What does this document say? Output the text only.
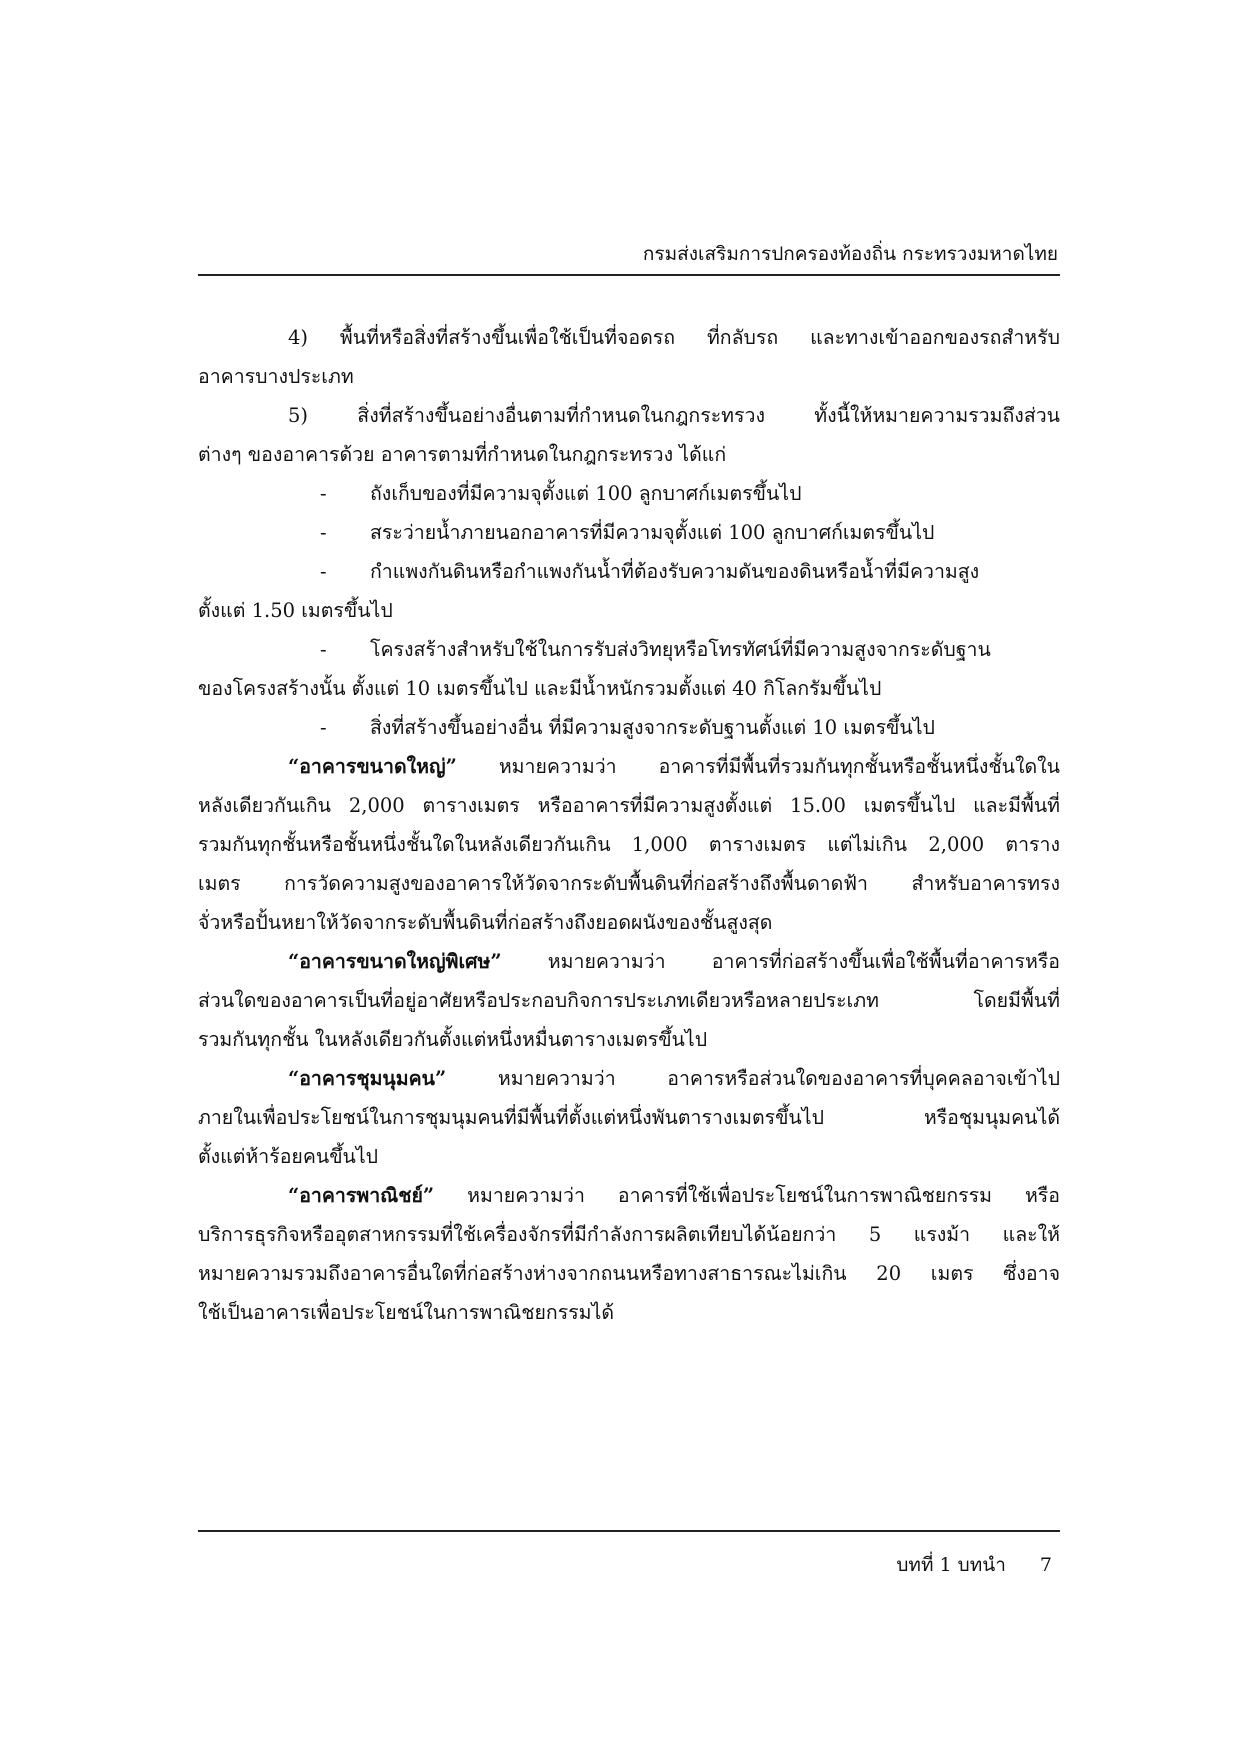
กรมส่งเสริมการปกครองท้องถิ่น กระทรวงมหาดไทย
4) พื้นที่หรือสิ่งที่สร้างขึ้นเพื่อใช้เป็นที่จอดรถ ที่กลับรถ และทางเข้าออกของรถสำหรับ
อาคารบางประเภท
5) สิ่งที่สร้างขึ้นอย่างอื่นตามที่กำหนดในกฎกระทรวง ทั้งนี้ให้หมายความรวมถึงส่วน
ต่างๆ ของอาคารด้วย อาคารตามที่กำหนดในกฎกระทรวง ได้แก่
-	ถังเก็บของที่มีความจุตั้งแต่ 100 ลูกบาศก์เมตรขึ้นไป
-	สระว่ายน้ำภายนอกอาคารที่มีความจุตั้งแต่ 100 ลูกบาศก์เมตรขึ้นไป
-	กำแพงกันดินหรือกำแพงกันน้ำที่ต้องรับความดันของดินหรือน้ำที่มีความสูง
ตั้งแต่ 1.50 เมตรขึ้นไป
-	โครงสร้างสำหรับใช้ในการรับส่งวิทยุหรือโทรทัศน์ที่มีความสูงจากระดับฐาน
ของโครงสร้างนั้น ตั้งแต่ 10 เมตรขึ้นไป และมีน้ำหนักรวมตั้งแต่ 40 กิโลกรัมขึ้นไป
-	สิ่งที่สร้างขึ้นอย่างอื่น ที่มีความสูงจากระดับฐานตั้งแต่ 10 เมตรขึ้นไป
“อาคารขนาดใหญ่” หมายความว่า อาคารที่มีพื้นที่รวมกันทุกชั้นหรือชั้นหนึ่งชั้นใดใน
หลังเดียวกันเกิน 2,000 ตารางเมตร หรืออาคารที่มีความสูงตั้งแต่ 15.00 เมตรขึ้นไป และมีพื้นที่
รวมกันทุกชั้นหรือชั้นหนึ่งชั้นใดในหลังเดียวกันเกิน 1,000 ตารางเมตร แต่ไม่เกิน 2,000 ตาราง
เมตร การวัดความสูงของอาคารให้วัดจากระดับพื้นดินที่ก่อสร้างถึงพื้นดาดฟ้า สำหรับอาคารทรง
จั่วหรือปั้นหยาให้วัดจากระดับพื้นดินที่ก่อสร้างถึงยอดผนังของชั้นสูงสุด
“อาคารขนาดใหญ่พิเศษ” หมายความว่า อาคารที่ก่อสร้างขึ้นเพื่อใช้พื้นที่อาคารหรือ
ส่วนใดของอาคารเป็นที่อยู่อาศัยหรือประกอบกิจการประเภทเดียวหรือหลายประเภท โดยมีพื้นที่
รวมกันทุกชั้น ในหลังเดียวกันตั้งแต่หนึ่งหมื่นตารางเมตรขึ้นไป
“อาคารชุมนุมคน”	หมายความว่า อาคารหรือส่วนใดของอาคารที่บุคคลอาจเข้าไป
ภายในเพื่อประโยชน์ในการชุมนุมคนที่มีพื้นที่ตั้งแต่หนึ่งพันตารางเมตรขึ้นไป หรือชุมนุมคนได้
ตั้งแต่ห้าร้อยคนขึ้นไป
“อาคารพาณิชย์” หมายความว่า อาคารที่ใช้เพื่อประโยชน์ในการพาณิชยกรรม หรือ
บริการธุรกิจหรืออุตสาหกรรมที่ใช้เครื่องจักรที่มีกำลังการผลิตเทียบได้น้อยกว่า 5 แรงม้า และให้
หมายความรวมถึงอาคารอื่นใดที่ก่อสร้างห่างจากถนนหรือทางสาธารณะไม่เกิน 20 เมตร ซึ่งอาจ
ใช้เป็นอาคารเพื่อประโยชน์ในการพาณิชยกรรมได้
บทที่ 1 บทนำ 7
